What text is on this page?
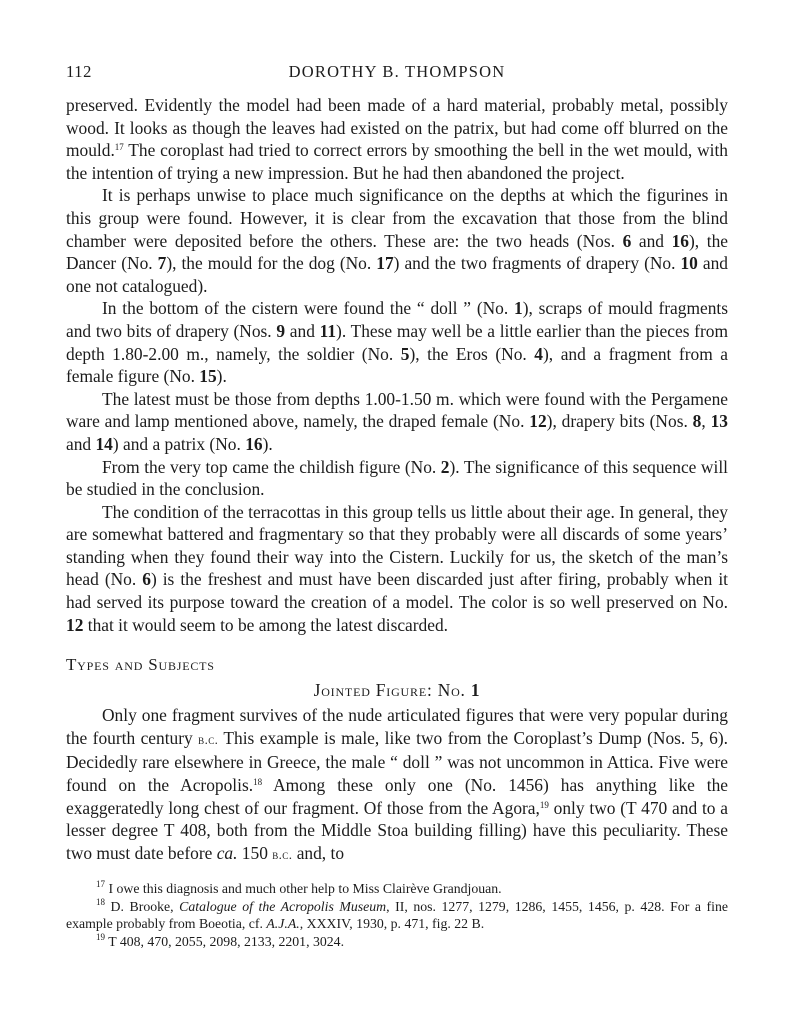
112	DOROTHY B. THOMPSON

preserved. Evidently the model had been made of a hard material, probably metal, possibly wood. It looks as though the leaves had existed on the patrix, but had come off blurred on the mould.$^{17}$ The coroplast had tried to correct errors by smoothing the bell in the wet mould, with the intention of trying a new impression. But he had then abandoned the project.

It is perhaps unwise to place much significance on the depths at which the figurines in this group were found. However, it is clear from the excavation that those from the blind chamber were deposited before the others. These are: the two heads (Nos. 6 and 16), the Dancer (No. 7), the mould for the dog (No. 17) and the two fragments of drapery (No. 10 and one not catalogued).

In the bottom of the cistern were found the “ doll ” (No. 1), scraps of mould fragments and two bits of drapery (Nos. 9 and 11). These may well be a little earlier than the pieces from depth 1.80-2.00 m., namely, the soldier (No. 5), the Eros (No. 4), and a fragment from a female figure (No. 15).

The latest must be those from depths 1.00-1.50 m. which were found with the Pergamene ware and lamp mentioned above, namely, the draped female (No. 12), drapery bits (Nos. 8, 13 and 14) and a patrix (No. 16).

From the very top came the childish figure (No. 2). The significance of this sequence will be studied in the conclusion.

The condition of the terracottas in this group tells us little about their age. In general, they are somewhat battered and fragmentary so that they probably were all discards of some years’ standing when they found their way into the Cistern. Luckily for us, the sketch of the man’s head (No. 6) is the freshest and must have been discarded just after firing, probably when it had served its purpose toward the creation of a model. The color is so well preserved on No. 12 that it would seem to be among the latest discarded.

Types and Subjects
Jointed Figure: No. 1

Only one fragment survives of the nude articulated figures that were very popular during the fourth century b.c. This example is male, like two from the Coroplast’s Dump (Nos. 5, 6). Decidedly rare elsewhere in Greece, the male “ doll ” was not uncommon in Attica. Five were found on the Acropolis.$^{18}$ Among these only one (No. 1456) has anything like the exaggeratedly long chest of our fragment. Of those from the Agora,$^{19}$ only two (T 470 and to a lesser degree T 408, both from the Middle Stoa building filling) have this peculiarity. These two must date before ca. 150 b.c. and, to

$^{17}$ I owe this diagnosis and much other help to Miss Clairève Grandjouan.

$^{18}$ D. Brooke, Catalogue of the Acropolis Museum, II, nos. 1277, 1279, 1286, 1455, 1456, p. 428. For a fine example probably from Boeotia, cf. A.J.A., XXXIV, 1930, p. 471, fig. 22 B.

$^{19}$ T 408, 470, 2055, 2098, 2133, 2201, 3024.
